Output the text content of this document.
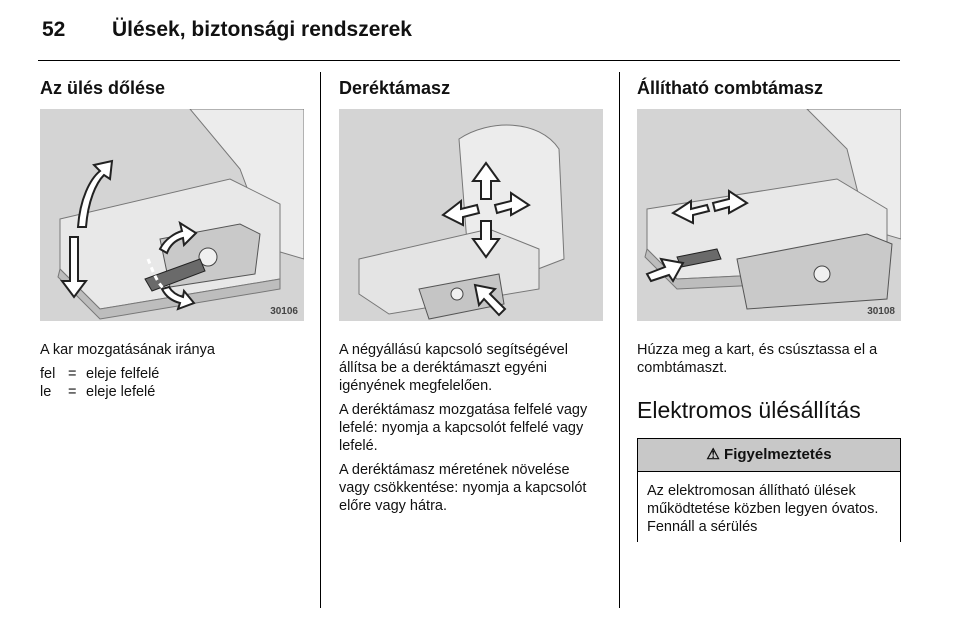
52 Ülések, biztonsági rendszerek
Az ülés dőlése
30106

A kar mozgatásának iránya

fel = eleje felfelé
le	= eleje lefelé
Deréktámasz

A négyállású kapcsoló segítségével állítsa be a deréktámaszt egyéni igényének megfelelően.

A deréktámasz mozgatása felfelé vagy lefelé: nyomja a kapcsolót felfelé vagy lefelé.

A deréktámasz méretének növelése vagy csökkentése: nyomja a kapcsolót előre vagy hátra.

Állítható combtámasz
30108

Húzza meg a kart, és csúsztassa el a combtámaszt.

Elektromos ülésállítás
⚠ Figyelmeztetés
Az elektromosan állítható ülések működtetése közben legyen óvatos. Fennáll a sérülés
